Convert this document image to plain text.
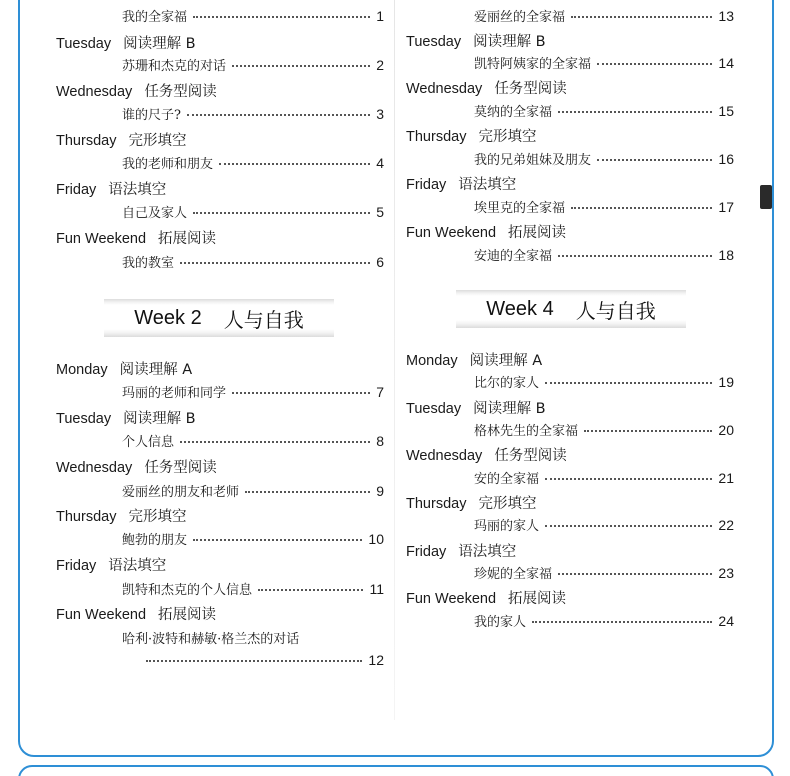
我的全家福	1
Tuesday 阅读理解 B
苏珊和杰克的对话	2
Wednesday 任务型阅读
谁的尺子?	3
Thursday 完形填空
我的老师和朋友	4
Friday 语法填空
自己及家人	5
Fun Weekend 拓展阅读
我的教室	6
Week 2 人与自我
Monday 阅读理解 A
玛丽的老师和同学	7
Tuesday 阅读理解 B
个人信息	8
Wednesday 任务型阅读
爱丽丝的朋友和老师	9
Thursday 完形填空
鲍勃的朋友	10
Friday 语法填空
凯特和杰克的个人信息	11
Fun Weekend 拓展阅读
哈利·波特和赫敏·格兰杰的对话
12
爱丽丝的全家福	13
Tuesday 阅读理解 B
凯特阿姨家的全家福	14
Wednesday 任务型阅读
莫纳的全家福	15
Thursday 完形填空
我的兄弟姐妹及朋友	16
Friday 语法填空
埃里克的全家福	17
Fun Weekend 拓展阅读
安迪的全家福	18
Week 4 人与自我
Monday 阅读理解 A
比尔的家人	19
Tuesday 阅读理解 B
格林先生的全家福	20
Wednesday 任务型阅读
安的全家福	21
Thursday 完形填空
玛丽的家人	22
Friday 语法填空
珍妮的全家福	23
Fun Weekend 拓展阅读
我的家人	24
